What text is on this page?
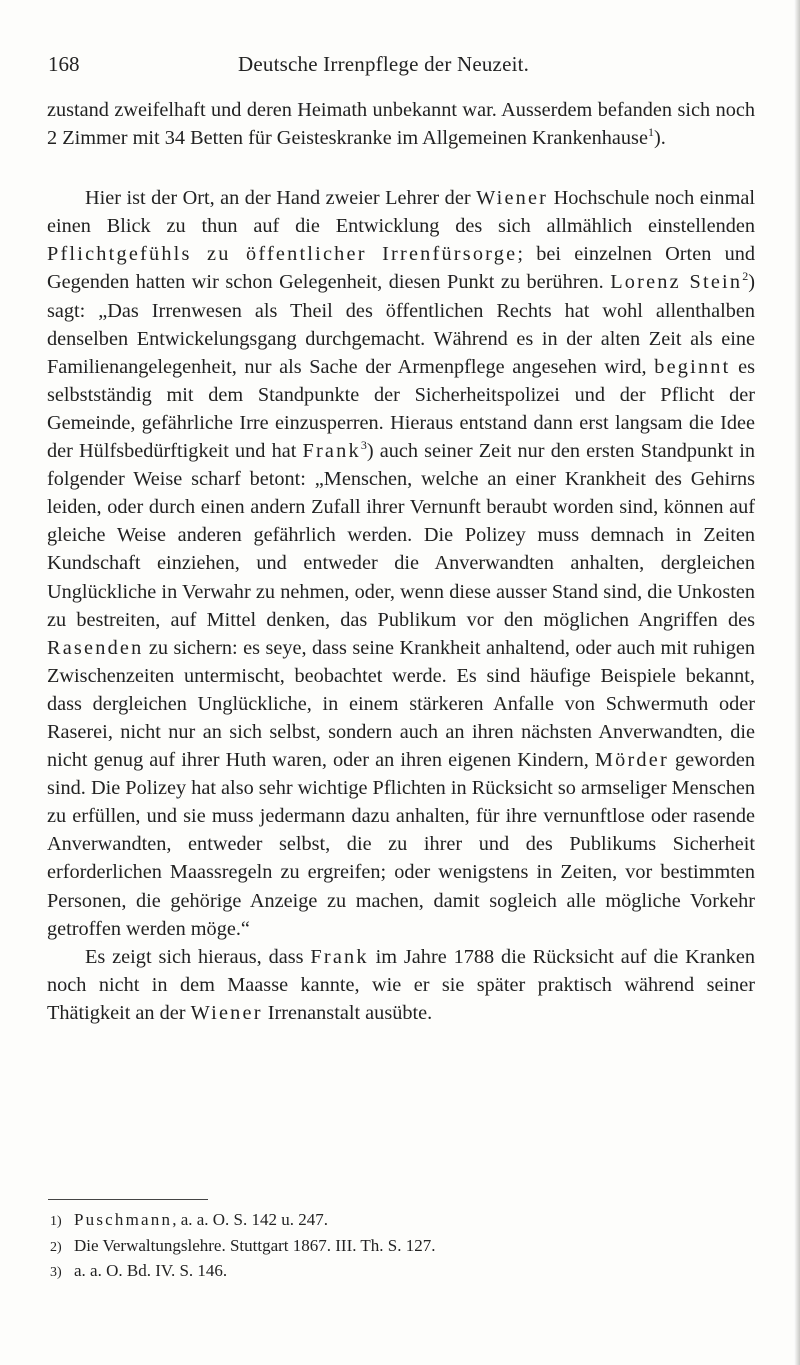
168	Deutsche Irrenpflege der Neuzeit.

zustand zweifelhaft und deren Heimath unbekannt war. Ausserdem befanden sich noch 2 Zimmer mit 34 Betten für Geisteskranke im Allgemeinen Krankenhause$^1$).

Hier ist der Ort, an der Hand zweier Lehrer der Wiener Hochschule noch einmal einen Blick zu thun auf die Entwicklung des sich allmählich einstellenden Pflichtgefühls zu öffentlicher Irrenfürsorge; bei einzelnen Orten und Gegenden hatten wir schon Gelegenheit, diesen Punkt zu berühren. Lorenz Stein$^2$) sagt: „Das Irrenwesen als Theil des öffentlichen Rechts hat wohl allenthalben denselben Entwickelungsgang durchgemacht. Während es in der alten Zeit als eine Familienangelegenheit, nur als Sache der Armenpflege angesehen wird, beginnt es selbstständig mit dem Standpunkte der Sicherheitspolizei und der Pflicht der Gemeinde, gefährliche Irre einzusperren. Hieraus entstand dann erst langsam die Idee der Hülfsbedürftigkeit und hat Frank$^3$) auch seiner Zeit nur den ersten Standpunkt in folgender Weise scharf betont: „Menschen, welche an einer Krankheit des Gehirns leiden, oder durch einen andern Zufall ihrer Vernunft beraubt worden sind, können auf gleiche Weise anderen gefährlich werden. Die Polizey muss demnach in Zeiten Kundschaft einziehen, und entweder die Anverwandten anhalten, dergleichen Unglückliche in Verwahr zu nehmen, oder, wenn diese ausser Stand sind, die Unkosten zu bestreiten, auf Mittel denken, das Publikum vor den möglichen Angriffen des Rasenden zu sichern: es seye, dass seine Krankheit anhaltend, oder auch mit ruhigen Zwischenzeiten untermischt, beobachtet werde. Es sind häufige Beispiele bekannt, dass dergleichen Unglückliche, in einem stärkeren Anfalle von Schwermuth oder Raserei, nicht nur an sich selbst, sondern auch an ihren nächsten Anverwandten, die nicht genug auf ihrer Huth waren, oder an ihren eigenen Kindern, Mörder geworden sind. Die Polizey hat also sehr wichtige Pflichten in Rücksicht so armseliger Menschen zu erfüllen, und sie muss jedermann dazu anhalten, für ihre vernunftlose oder rasende Anverwandten, entweder selbst, die zu ihrer und des Publikums Sicherheit erforderlichen Maassregeln zu ergreifen; oder wenigstens in Zeiten, vor bestimmten Personen, die gehörige Anzeige zu machen, damit sogleich alle mögliche Vorkehr getroffen werden möge.“

Es zeigt sich hieraus, dass Frank im Jahre 1788 die Rücksicht auf die Kranken noch nicht in dem Maasse kannte, wie er sie später praktisch während seiner Thätigkeit an der Wiener Irrenanstalt ausübte.

1) Puschmann, a. a. O. S. 142 u. 247.
2) Die Verwaltungslehre. Stuttgart 1867. III. Th. S. 127.
3) a. a. O. Bd. IV. S. 146.
